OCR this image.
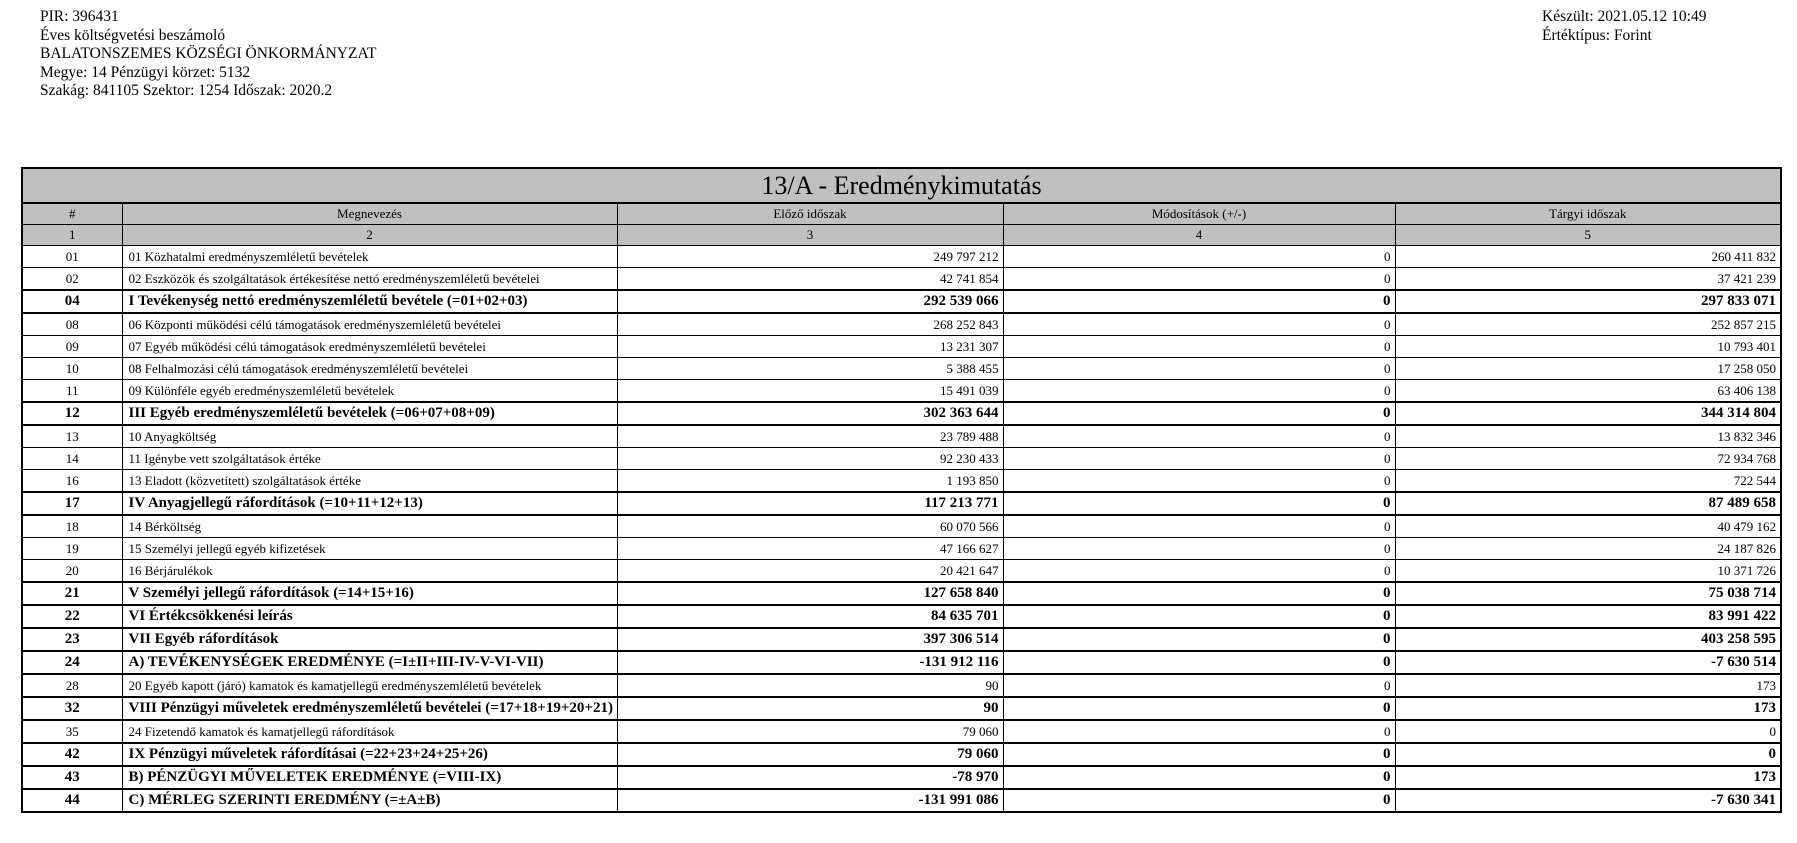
PIR: 396431
Éves költségvetési beszámoló
BALATONSZEMES KÖZSÉGI ÖNKORMÁNYZAT
Megye: 14 Pénzügyi körzet: 5132
Szakág: 841105 Szektor: 1254 Időszak: 2020.2
Készült: 2021.05.12 10:49
Értéktípus: Forint
13/A - Eredménykimutatás				
#	Megnevezés	Előző időszak	Módosítások (+/-)	Tárgyi időszak
1	2	3	4	5
01	01 Közhatalmi eredményszemléletű bevételek	249 797 212	0	260 411 832
02	02 Eszközök és szolgáltatások értékesítése nettó eredményszemléletű bevételei	42 741 854	0	37 421 239
04	I Tevékenység nettó eredményszemléletű bevétele (=01+02+03)	292 539 066	0	297 833 071
08	06 Központi működési célú támogatások eredményszemléletű bevételei	268 252 843	0	252 857 215
09	07 Egyéb működési célú támogatások eredményszemléletű bevételei	13 231 307	0	10 793 401
10	08 Felhalmozási célú támogatások eredményszemléletű bevételei	5 388 455	0	17 258 050
11	09 Különféle egyéb eredményszemléletű bevételek	15 491 039	0	63 406 138
12	III Egyéb eredményszemléletű bevételek (=06+07+08+09)	302 363 644	0	344 314 804
13	10 Anyagköltség	23 789 488	0	13 832 346
14	11 Igénybe vett szolgáltatások értéke	92 230 433	0	72 934 768
16	13 Eladott (közvetített) szolgáltatások értéke	1 193 850	0	722 544
17	IV Anyagjellegű ráfordítások (=10+11+12+13)	117 213 771	0	87 489 658
18	14 Bérköltség	60 070 566	0	40 479 162
19	15 Személyi jellegű egyéb kifizetések	47 166 627	0	24 187 826
20	16 Bérjárulékok	20 421 647	0	10 371 726
21	V Személyi jellegű ráfordítások (=14+15+16)	127 658 840	0	75 038 714
22	VI Értékcsökkenési leírás	84 635 701	0	83 991 422
23	VII Egyéb ráfordítások	397 306 514	0	403 258 595
24	A) TEVÉKENYSÉGEK EREDMÉNYE (=I±II+III-IV-V-VI-VII)	-131 912 116	0	-7 630 514
28	20 Egyéb kapott (járó) kamatok és kamatjellegű eredményszemléletű bevételek	90	0	173
32	VIII Pénzügyi műveletek eredményszemléletű bevételei (=17+18+19+20+21)	90	0	173
35	24 Fizetendő kamatok és kamatjellegű ráfordítások	79 060	0	0
42	IX Pénzügyi műveletek ráfordításai (=22+23+24+25+26)	79 060	0	0
43	B) PÉNZÜGYI MŰVELETEK EREDMÉNYE (=VIII-IX)	-78 970	0	173
44	C) MÉRLEG SZERINTI EREDMÉNY (=±A±B)	-131 991 086	0	-7 630 341
